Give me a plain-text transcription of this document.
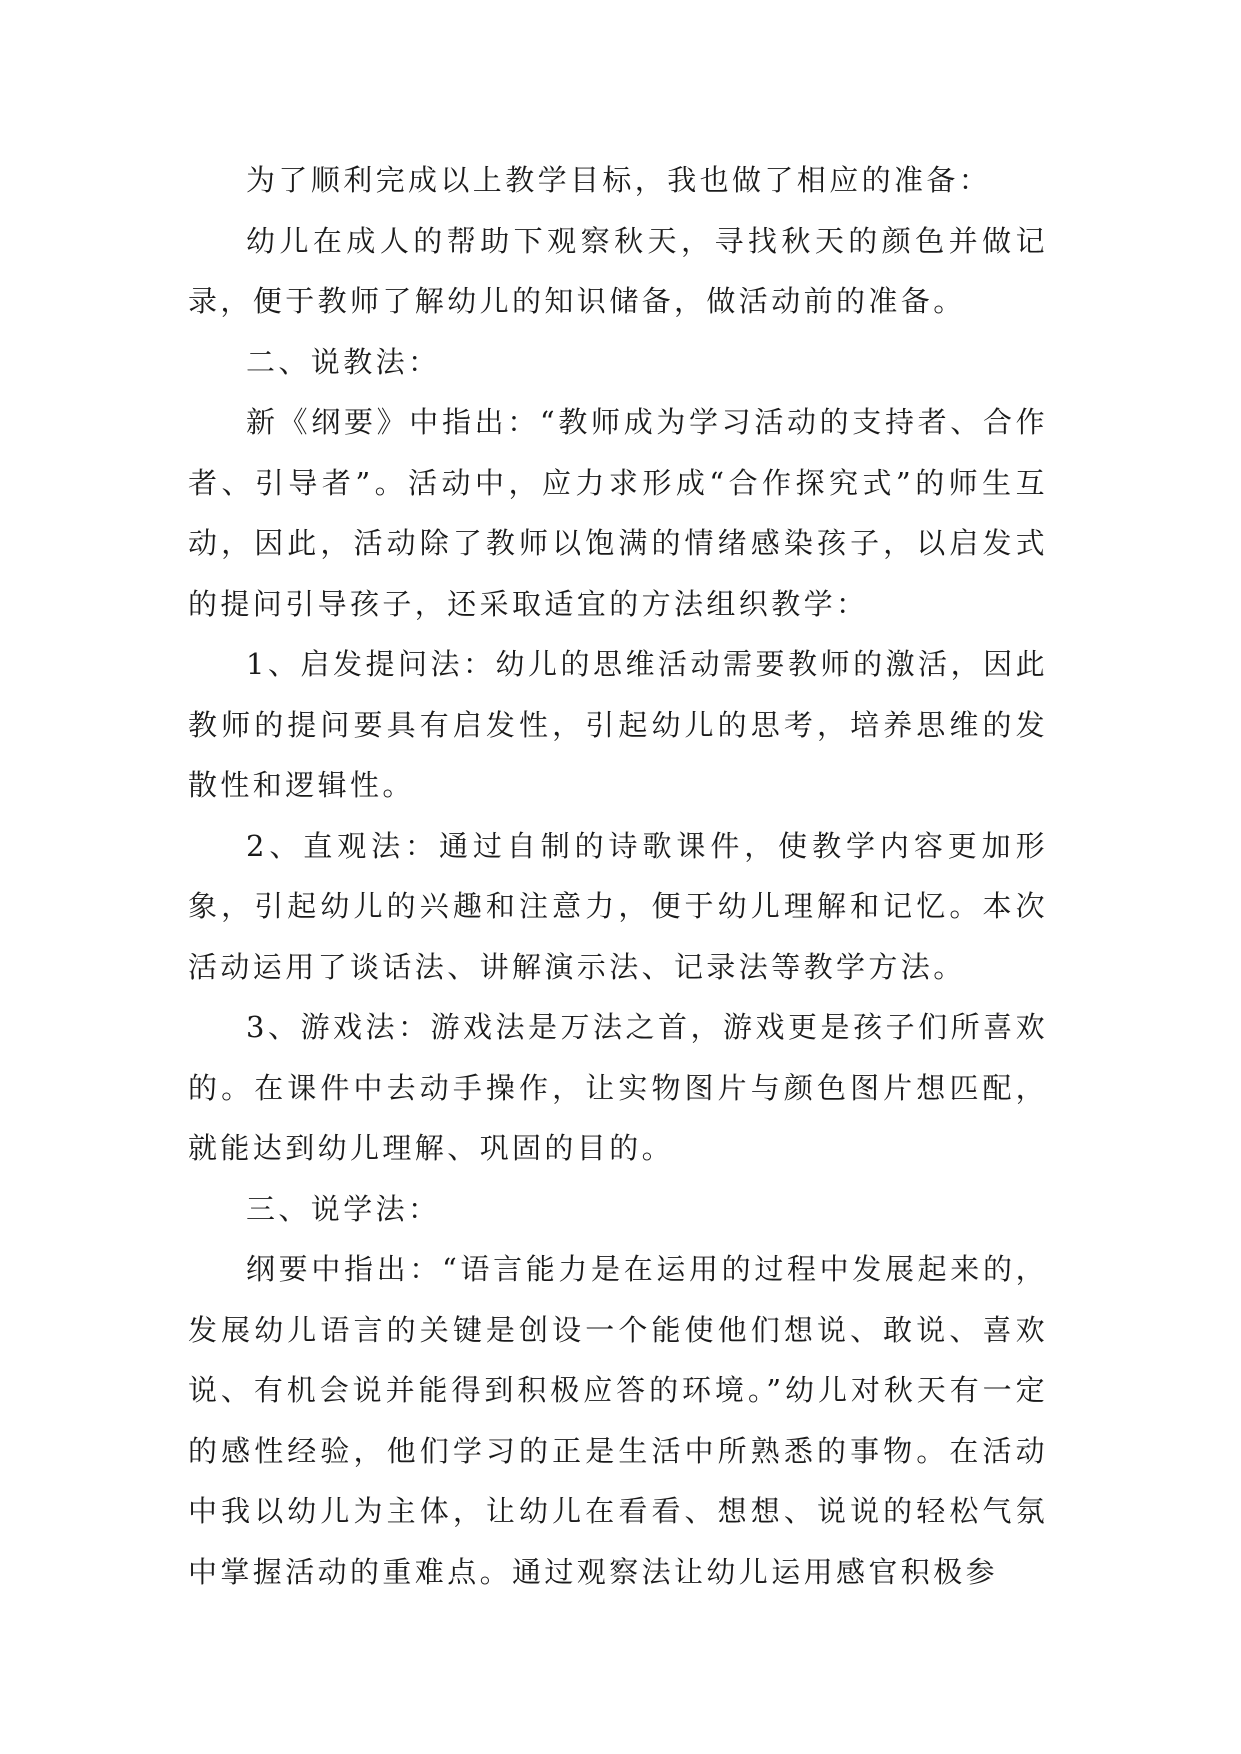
为了顺利完成以上教学目标，我也做了相应的准备：

幼儿在成人的帮助下观察秋天，寻找秋天的颜色并做记录，便于教师了解幼儿的知识储备，做活动前的准备。

二、说教法：

新《纲要》中指出：“教师成为学习活动的支持者、合作者、引导者”。活动中，应力求形成“合作探究式”的师生互动，因此，活动除了教师以饱满的情绪感染孩子，以启发式的提问引导孩子，还采取适宜的方法组织教学：

1、启发提问法：幼儿的思维活动需要教师的激活，因此教师的提问要具有启发性，引起幼儿的思考，培养思维的发散性和逻辑性。

2、直观法：通过自制的诗歌课件，使教学内容更加形象，引起幼儿的兴趣和注意力，便于幼儿理解和记忆。本次活动运用了谈话法、讲解演示法、记录法等教学方法。

3、游戏法：游戏法是万法之首，游戏更是孩子们所喜欢的。在课件中去动手操作，让实物图片与颜色图片想匹配，就能达到幼儿理解、巩固的目的。

三、说学法：

纲要中指出：“语言能力是在运用的过程中发展起来的，发展幼儿语言的关键是创设一个能使他们想说、敢说、喜欢说、有机会说并能得到积极应答的环境。”幼儿对秋天有一定的感性经验，他们学习的正是生活中所熟悉的事物。在活动中我以幼儿为主体，让幼儿在看看、想想、说说的轻松气氛中掌握活动的重难点。通过观察法让幼儿运用感官积极参
